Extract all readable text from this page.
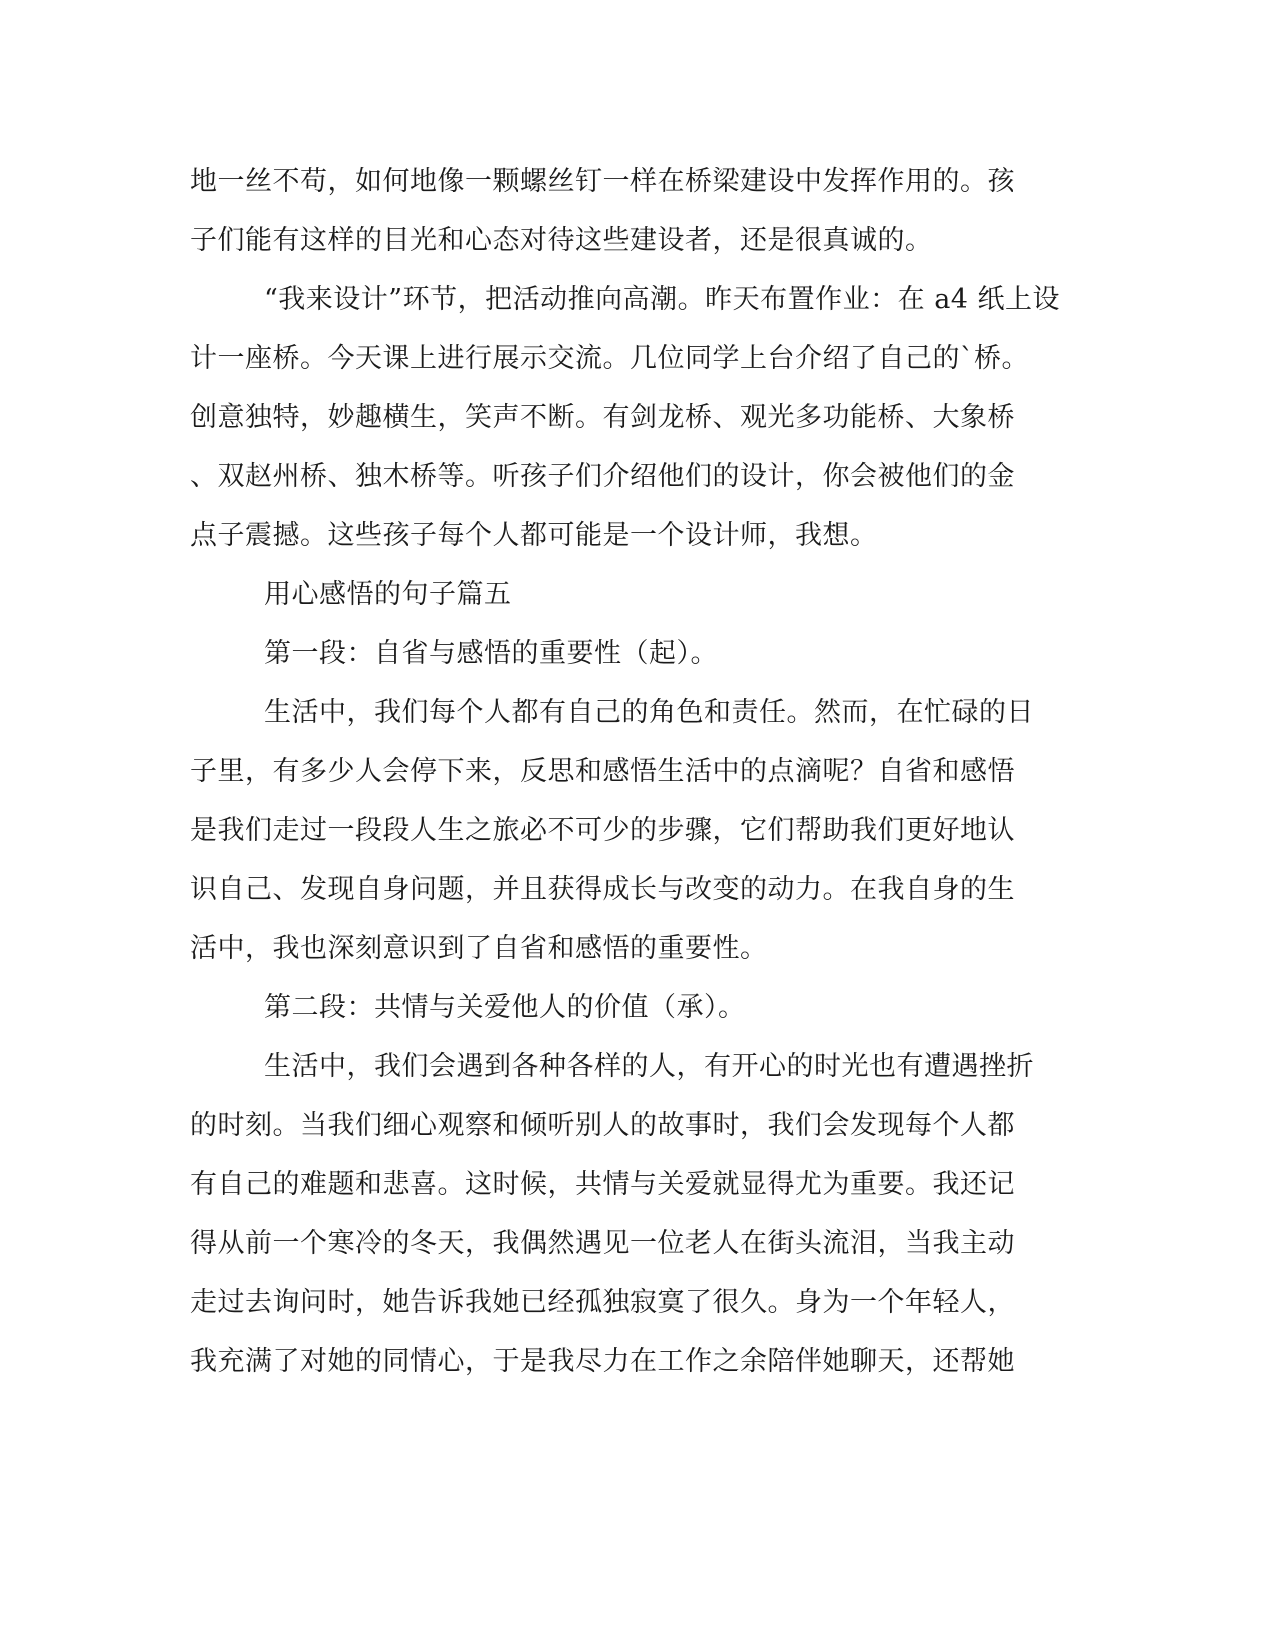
地一丝不苟，如何地像一颗螺丝钉一样在桥梁建设中发挥作用的。孩
子们能有这样的目光和心态对待这些建设者，还是很真诚的。
“我来设计”环节，把活动推向高潮。昨天布置作业：在 a4 纸上设
计一座桥。今天课上进行展示交流。几位同学上台介绍了自己的`桥。
创意独特，妙趣横生，笑声不断。有剑龙桥、观光多功能桥、大象桥
、双赵州桥、独木桥等。听孩子们介绍他们的设计，你会被他们的金
点子震撼。这些孩子每个人都可能是一个设计师，我想。
用心感悟的句子篇五
第一段：自省与感悟的重要性（起）。
生活中，我们每个人都有自己的角色和责任。然而，在忙碌的日
子里，有多少人会停下来，反思和感悟生活中的点滴呢？自省和感悟
是我们走过一段段人生之旅必不可少的步骤，它们帮助我们更好地认
识自己、发现自身问题，并且获得成长与改变的动力。在我自身的生
活中，我也深刻意识到了自省和感悟的重要性。
第二段：共情与关爱他人的价值（承）。
生活中，我们会遇到各种各样的人，有开心的时光也有遭遇挫折
的时刻。当我们细心观察和倾听别人的故事时，我们会发现每个人都
有自己的难题和悲喜。这时候，共情与关爱就显得尤为重要。我还记
得从前一个寒冷的冬天，我偶然遇见一位老人在街头流泪，当我主动
走过去询问时，她告诉我她已经孤独寂寞了很久。身为一个年轻人，
我充满了对她的同情心，于是我尽力在工作之余陪伴她聊天，还帮她
